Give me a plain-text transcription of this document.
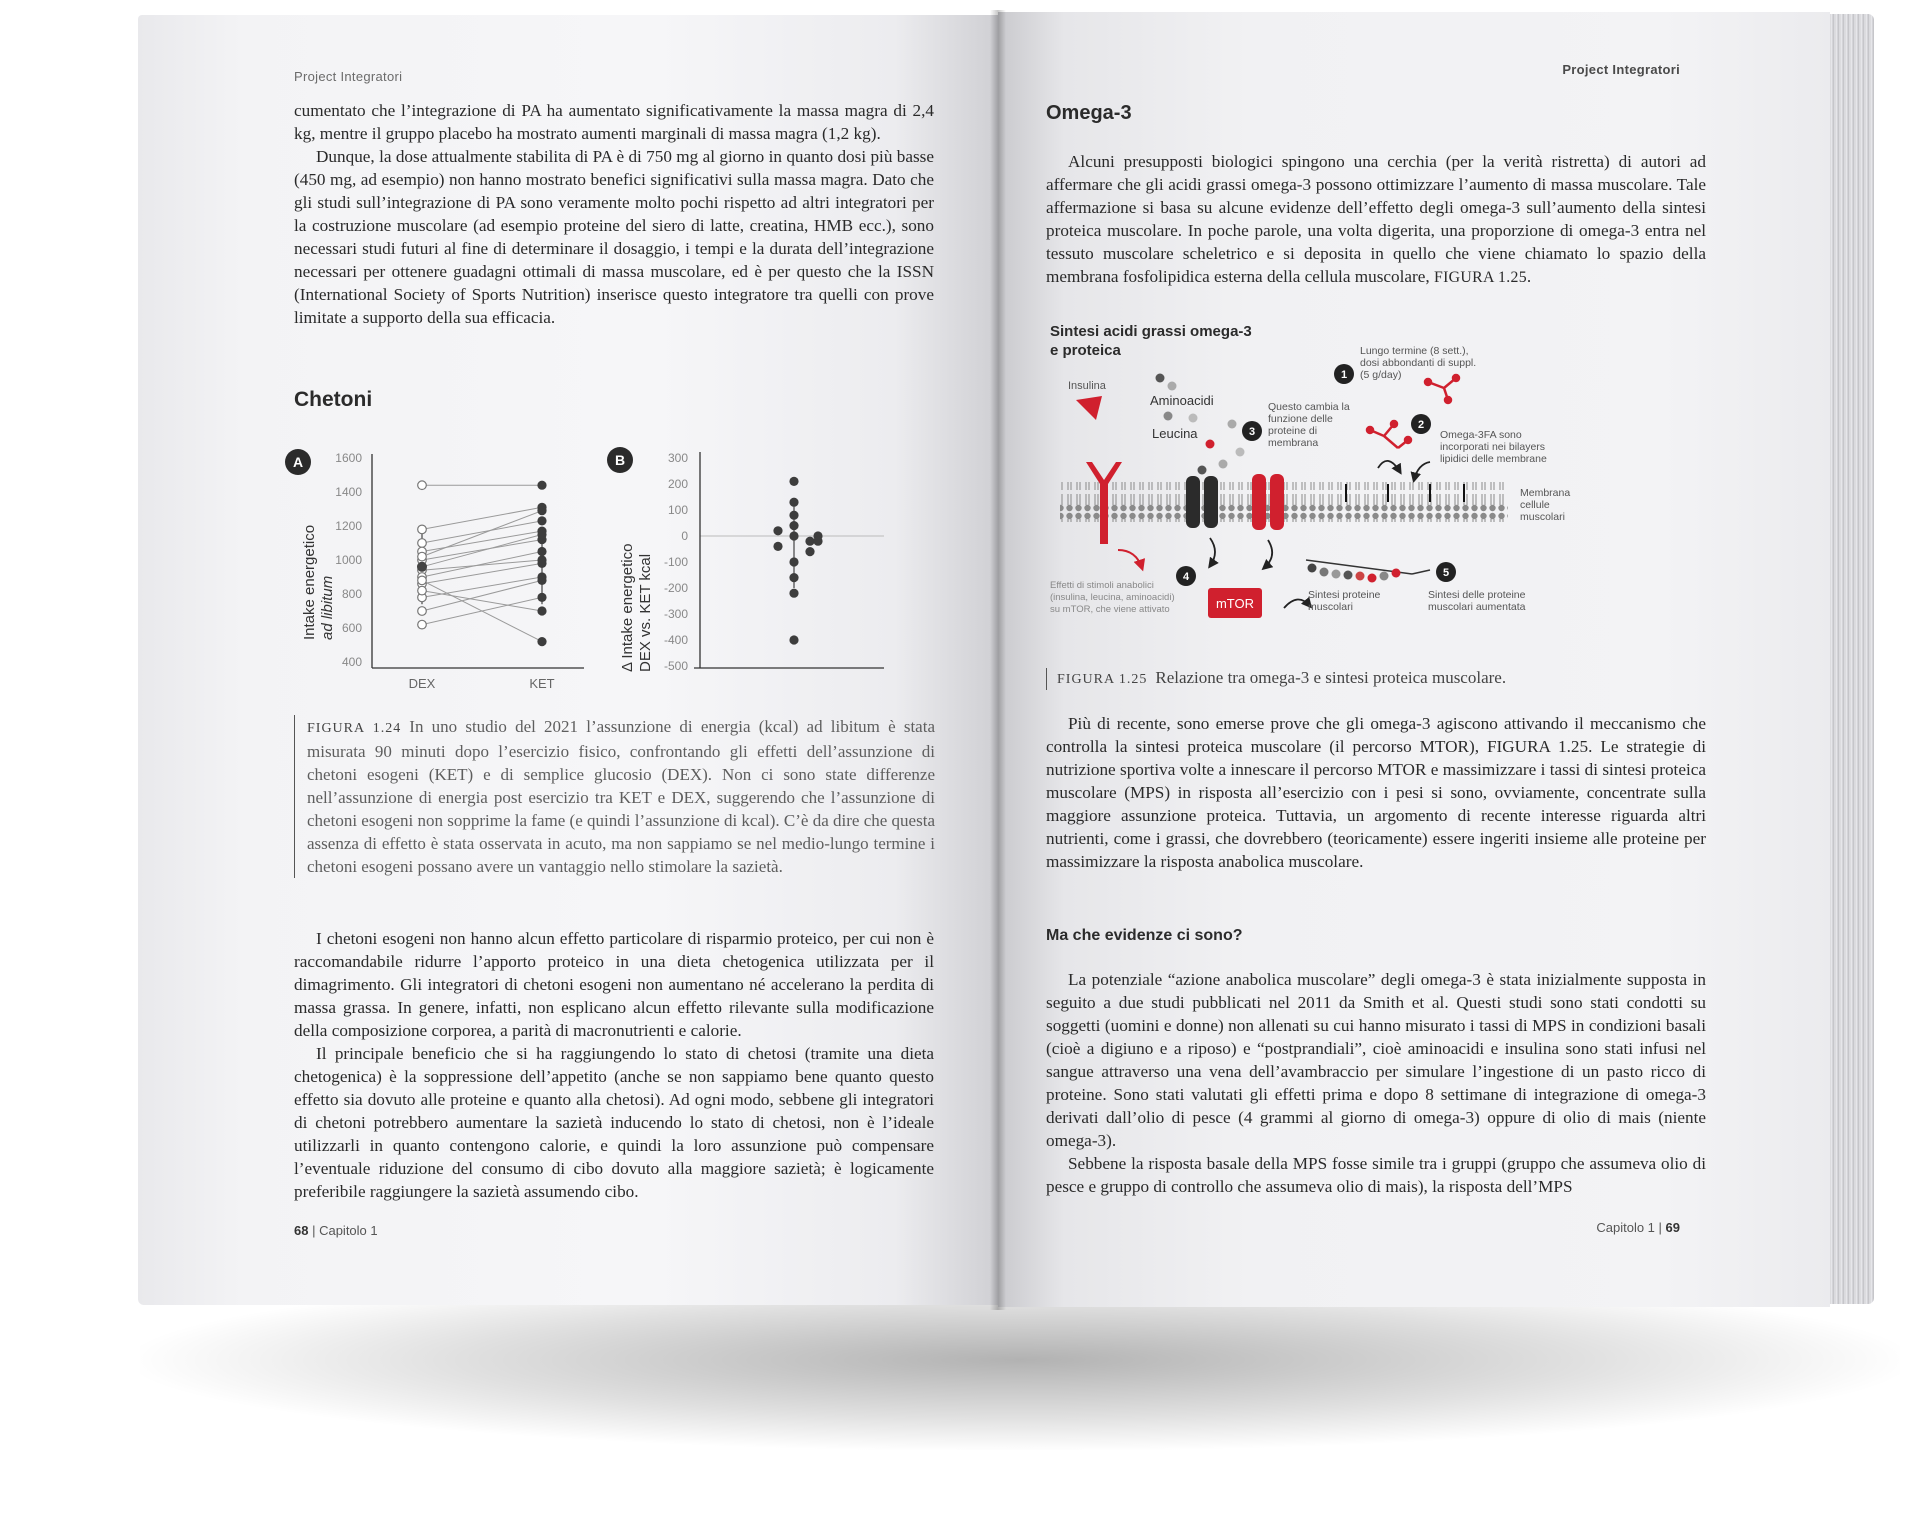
Project Integratori

cumentato che l’integrazione di PA ha aumentato significativamente la massa magra di 2,4 kg, mentre il gruppo placebo ha mostrato aumenti marginali di massa magra (1,2 kg).

Dunque, la dose attualmente stabilita di PA è di 750 mg al giorno in quanto dosi più basse (450 mg, ad esempio) non hanno mostrato benefici significativi sulla massa magra. Dato che gli studi sull’integrazione di PA sono veramente molto pochi rispetto ad altri integratori per la costruzione muscolare (ad esempio proteine del siero di latte, creatina, HMB ecc.), sono necessari studi futuri al fine di determinare il dosaggio, i tempi e la durata dell’integrazione necessari per ottenere guadagni ottimali di massa muscolare, ed è per questo che la ISSN (International Society of Sports Nutrition) inserisce questo integratore tra quelli con prove limitate a supporto della sua efficacia.

Chetoni
A
Intake energetico ad libitum
400
600
800
1000
1200
1400
1600
DEX	KET
B
Δ Intake energetico DEX vs. KET kcal
300
200
100
0
-100
-200
-300
-400
-500
FIGURA 1.24 In uno studio del 2021 l’assunzione di energia (kcal) ad libitum è stata misurata 90 minuti dopo l’esercizio fisico, confrontando gli effetti dell’assunzione di chetoni esogeni (KET) e di semplice glucosio (DEX). Non ci sono state differenze nell’assunzione di energia post esercizio tra KET e DEX, suggerendo che l’assunzione di chetoni esogeni non sopprime la fame (e quindi l’assunzione di kcal). C’è da dire che questa assenza di effetto è stata osservata in acuto, ma non sappiamo se nel medio-lungo termine i chetoni esogeni possano avere un vantaggio nello stimolare la sazietà.

I chetoni esogeni non hanno alcun effetto particolare di risparmio proteico, per cui non è raccomandabile ridurre l’apporto proteico in una dieta chetogenica utilizzata per il dimagrimento. Gli integratori di chetoni esogeni non aumentano né accelerano la perdita di massa grassa. In genere, infatti, non esplicano alcun effetto rilevante sulla modificazione della composizione corporea, a parità di macronutrienti e calorie.

Il principale beneficio che si ha raggiungendo lo stato di chetosi (tramite una dieta chetogenica) è la soppressione dell’appetito (anche se non sappiamo bene quanto questo effetto sia dovuto alle proteine e quanto alla chetosi). Ad ogni modo, sebbene gli integratori di chetoni potrebbero aumentare la sazietà inducendo lo stato di chetosi, non è l’ideale utilizzarli in quanto contengono calorie, e quindi la loro assunzione può compensare l’eventuale riduzione del consumo di cibo dovuto alla maggiore sazietà; è logicamente preferibile raggiungere la sazietà assumendo cibo.

68 | Capitolo 1
Project Integratori
Omega-3

Alcuni presupposti biologici spingono una cerchia (per la verità ristretta) di autori ad affermare che gli acidi grassi omega-3 possono ottimizzare l’aumento di massa muscolare. Tale affermazione si basa su alcune evidenze dell’effetto degli omega-3 sull’aumento della sintesi proteica muscolare. In poche parole, una volta digerita, una proporzione di omega-3 entra nel tessuto muscolare scheletrico e si deposita in quello che viene chiamato lo spazio della membrana fosfolipidica esterna della cellula muscolare, FIGURA 1.25.

Sintesi acidi grassi omega-3 e proteica
Insulina
Aminoacidi
Leucina	3
Questo cambia la funzione delle proteine di membrana
1
Lungo termine (8 sett.), dosi abbondanti di suppl. (5 g/day)
2
Omega-3FA sono incorporati nei bilayers lipidici delle membrane
Membrana cellule muscolari
4
Effetti di stimoli anabolici (insulina, leucina, aminoacidi) su mTOR, che viene attivato	mTOR
Sintesi proteine muscolari
5
Sintesi delle proteine muscolari aumentata
FIGURA 1.25 Relazione tra omega-3 e sintesi proteica muscolare.

Più di recente, sono emerse prove che gli omega-3 agiscono attivando il meccanismo che controlla la sintesi proteica muscolare (il percorso MTOR), FIGURA 1.25. Le strategie di nutrizione sportiva volte a innescare il percorso MTOR e massimizzare i tassi di sintesi proteica muscolare (MPS) in risposta all’esercizio con i pesi si sono, ovviamente, concentrate sulla maggiore assunzione proteica. Tuttavia, un argomento di recente interesse riguarda altri nutrienti, come i grassi, che dovrebbero (teoricamente) essere ingeriti insieme alle proteine per massimizzare la risposta anabolica muscolare.

Ma che evidenze ci sono?

La potenziale “azione anabolica muscolare” degli omega-3 è stata inizialmente supposta in seguito a due studi pubblicati nel 2011 da Smith et al. Questi studi sono stati condotti su soggetti (uomini e donne) non allenati su cui hanno misurato i tassi di MPS in condizioni basali (cioè a digiuno e a riposo) e “postprandiali”, cioè aminoacidi e insulina sono stati infusi nel sangue attraverso una vena dell’avambraccio per simulare l’ingestione di un pasto ricco di proteine. Sono stati valutati gli effetti prima e dopo 8 settimane di integrazione di omega-3 derivati dall’olio di pesce (4 grammi al giorno di omega-3) oppure di olio di mais (niente omega-3).

Sebbene la risposta basale della MPS fosse simile tra i gruppi (gruppo che assumeva olio di pesce e gruppo di controllo che assumeva olio di mais), la risposta dell’MPS

Capitolo 1 | 69
